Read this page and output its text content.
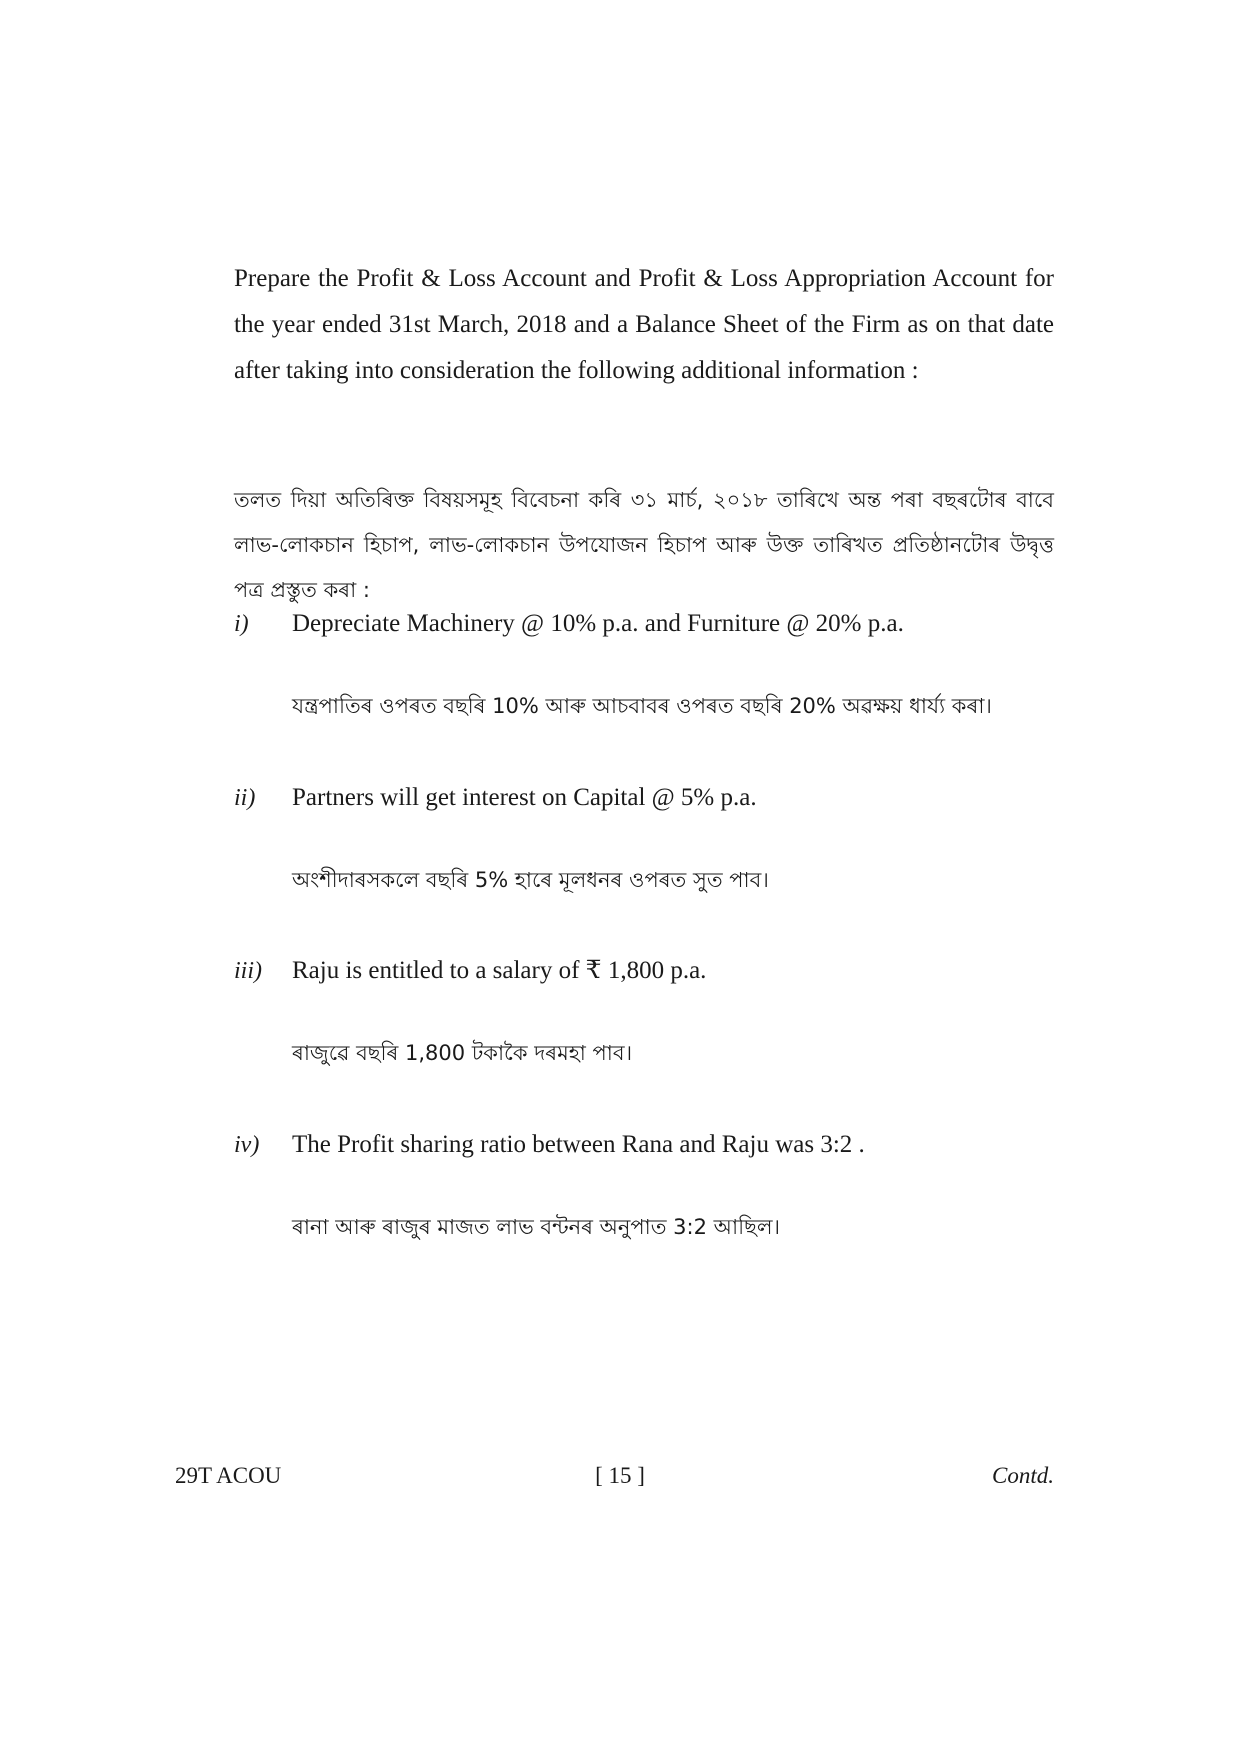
Prepare the Profit & Loss Account and Profit & Loss Appropriation Account for the year ended 31st March, 2018 and a Balance Sheet of the Firm as on that date after taking into consideration the following additional information :

তলত দিয়া অতিৰিক্ত বিষয়সমূহ বিবেচনা কৰি ৩১ মাৰ্চ, ২০১৮ তাৰিখে অন্ত পৰা বছৰটোৰ বাবে লাভ-লোকচান হিচাপ, লাভ-লোকচান উপযোজন হিচাপ আৰু উক্ত তাৰিখত প্ৰতিষ্ঠানটোৰ উদ্বৃত্ত পত্ৰ প্ৰস্তুত কৰা :

i) Depreciate Machinery @ 10% p.a. and Furniture @ 20% p.a.
যন্ত্ৰপাতিৰ ওপৰত বছৰি 10% আৰু আচবাবৰ ওপৰত বছৰি 20% অৱক্ষয় ধাৰ্য্য কৰা।
ii) Partners will get interest on Capital @ 5% p.a.
অংশীদাৰসকলে বছৰি 5% হাৰে মূলধনৰ ওপৰত সুত পাব।
iii) Raju is entitled to a salary of ₹ 1,800 p.a.
ৰাজুৱে বছৰি 1,800 টকাকৈ দৰমহা পাব।
iv) The Profit sharing ratio between Rana and Raju was 3:2 .
ৰানা আৰু ৰাজুৰ মাজত লাভ বন্টনৰ অনুপাত 3:2 আছিল।
29T ACOU	[ 15 ]	Contd.
